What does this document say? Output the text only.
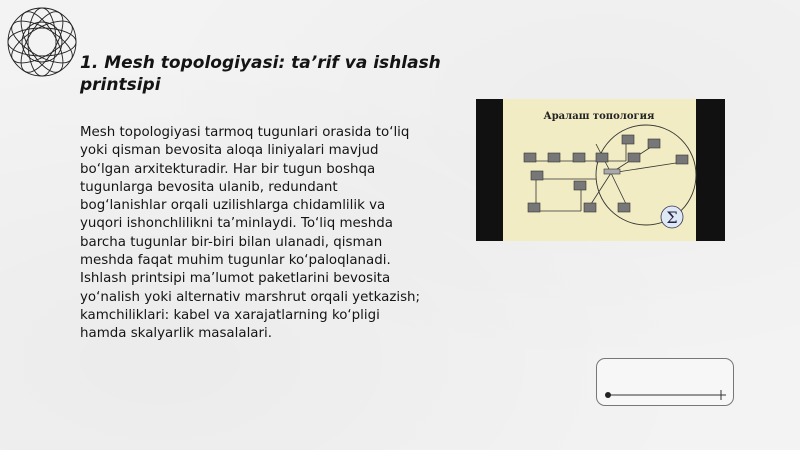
1. Mesh topologiyasi: ta’rif va ishlash printsipi

Mesh topologiyasi tarmoq tugunlari orasida to‘liq yoki qisman bevosita aloqa liniyalari mavjud bo‘lgan arxitekturadir. Har bir tugun boshqa tugunlarga bevosita ulanib, redundant bog‘lanishlar orqali uzilishlarga chidamlilik va yuqori ishonchlilikni ta’minlaydi. To‘liq meshda barcha tugunlar bir-biri bilan ulanadi, qisman meshda faqat muhim tugunlar ko‘paloqlanadi. Ishlash printsipi ma’lumot paketlarini bevosita yo‘nalish yoki alternativ marshrut orqali yetkazish; kamchiliklari: kabel va xarajatlarning ko‘pligi hamda skalyarlik masalalari.

Аралаш топология
Σ
